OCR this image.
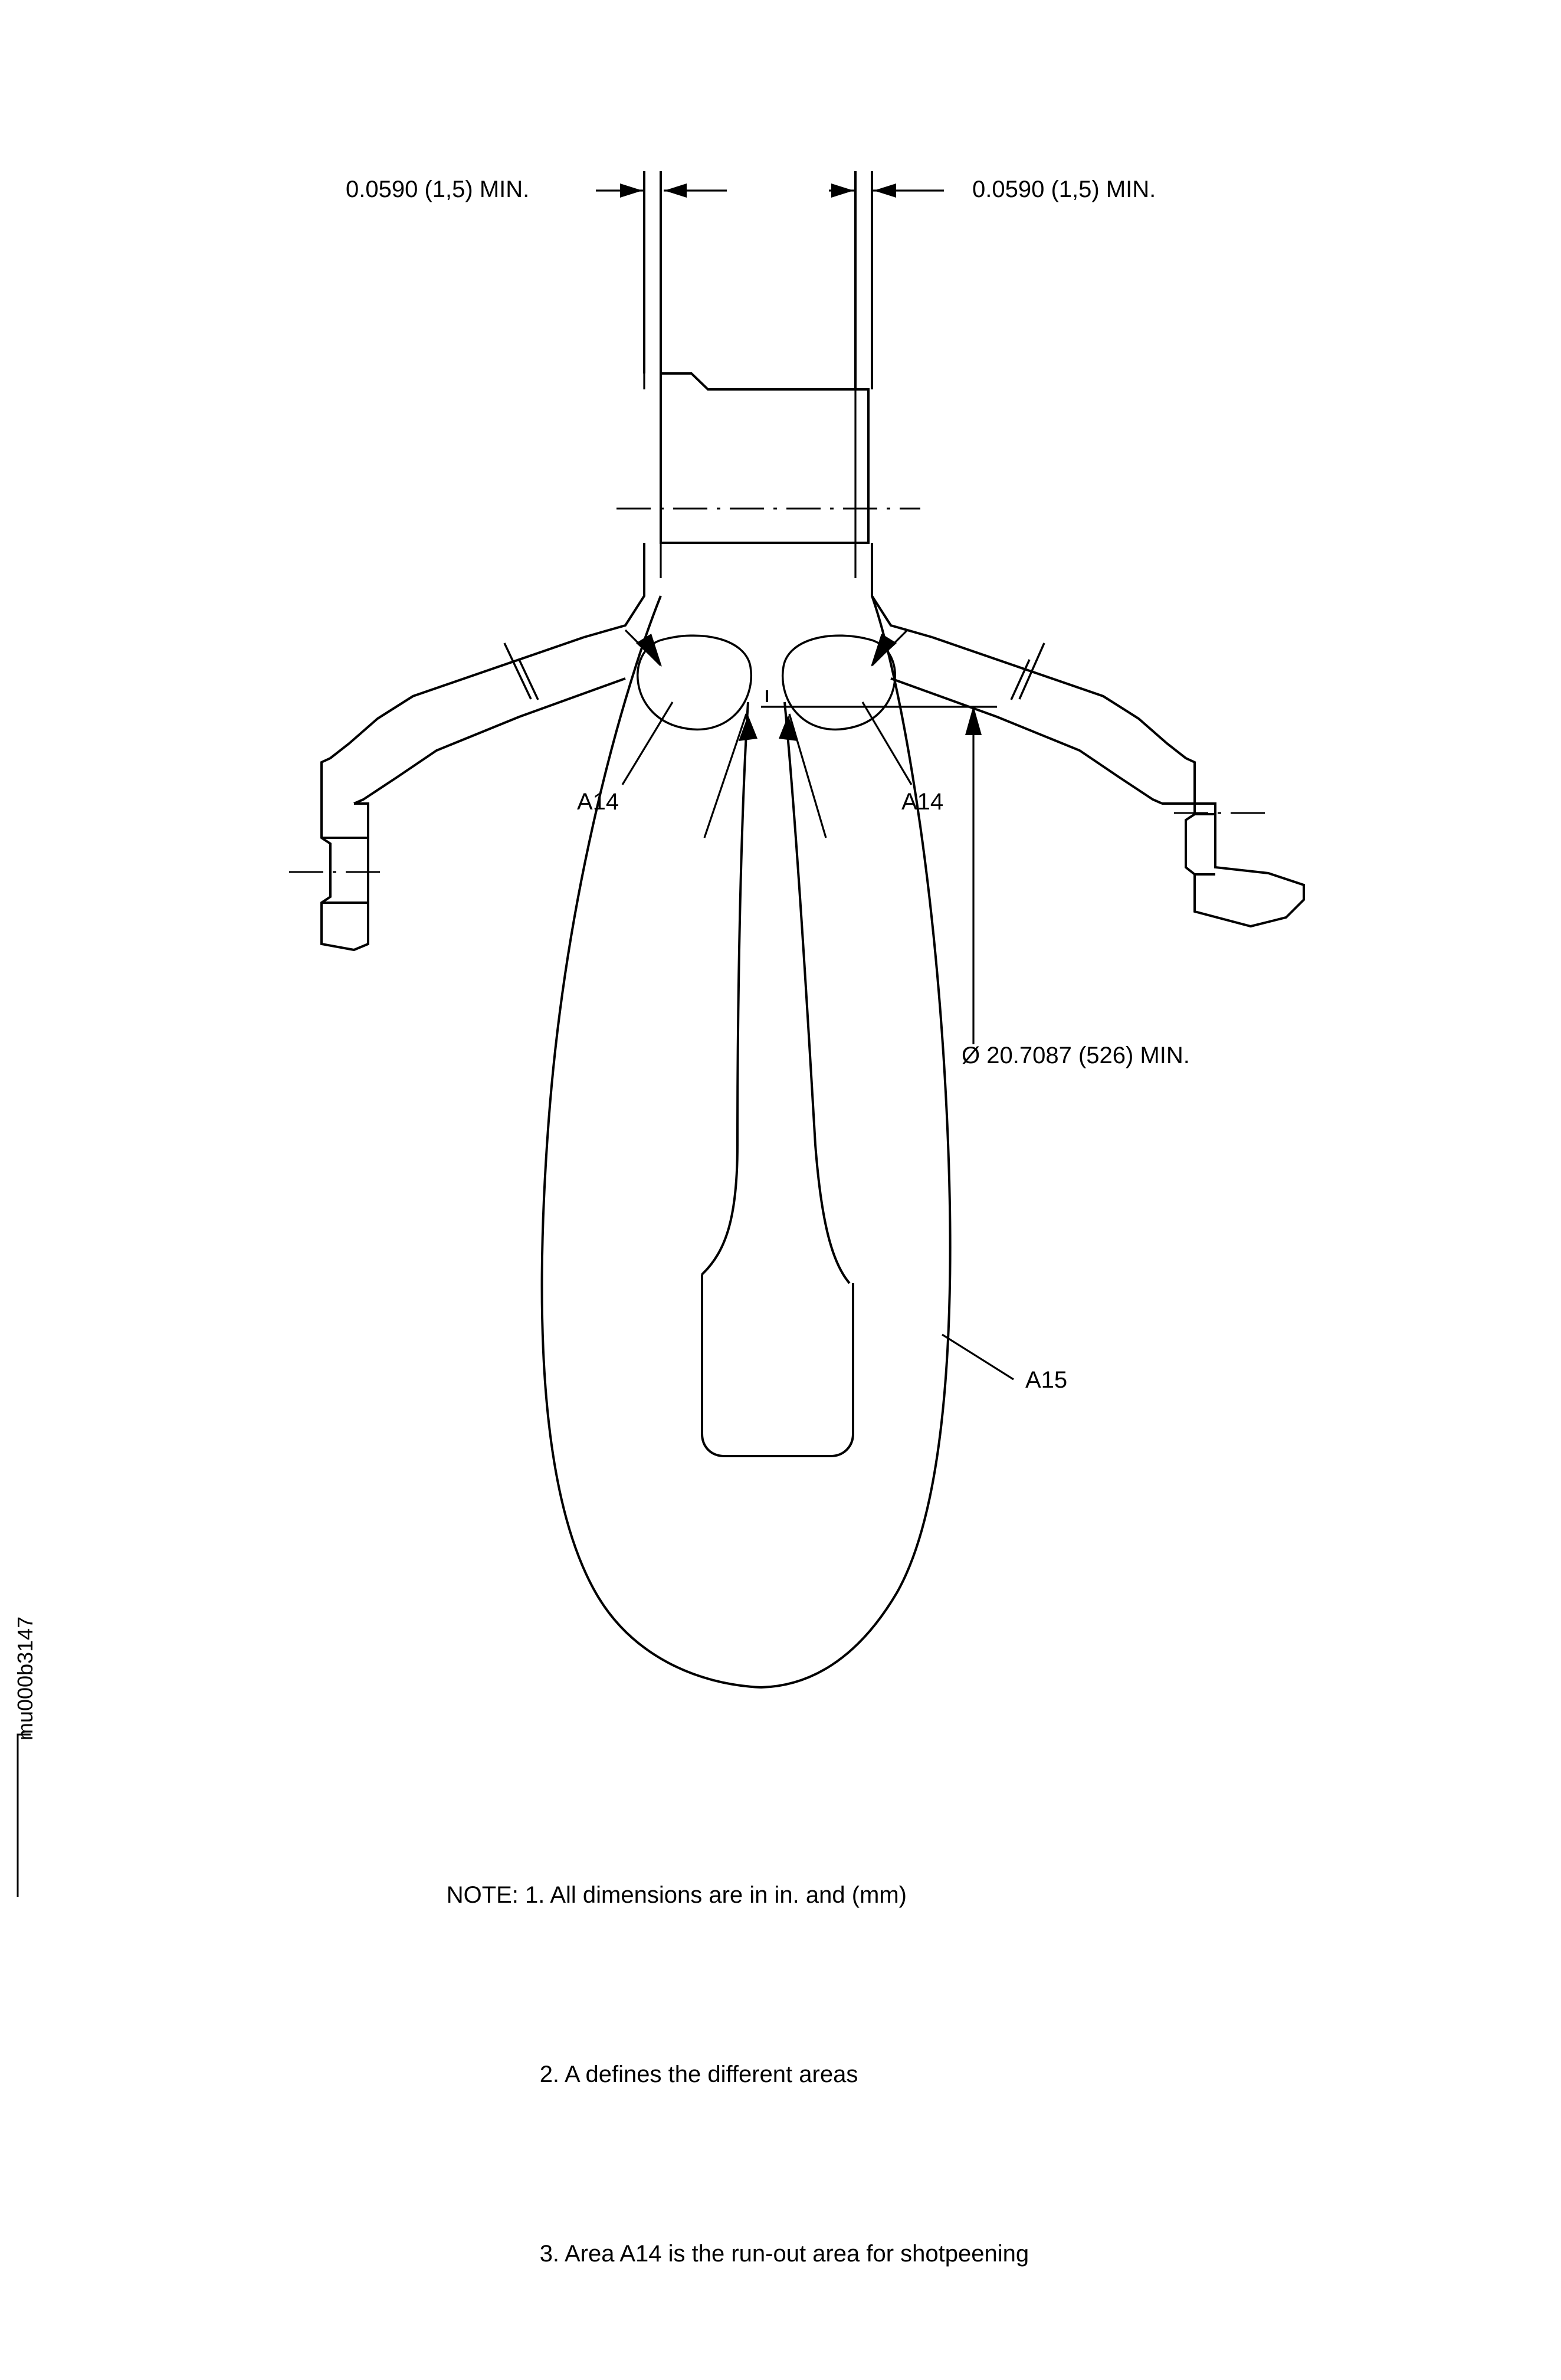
0.0590 (1,5) MIN.	0.0590 (1,5) MIN.
Ø 20.7087 (526) MIN.
A14	A14
A15

NOTE: 1. All dimensions are in in. and (mm)

2. A defines the different areas

3. Area A14 is the run-out area for shotpeening

mu000b3147
